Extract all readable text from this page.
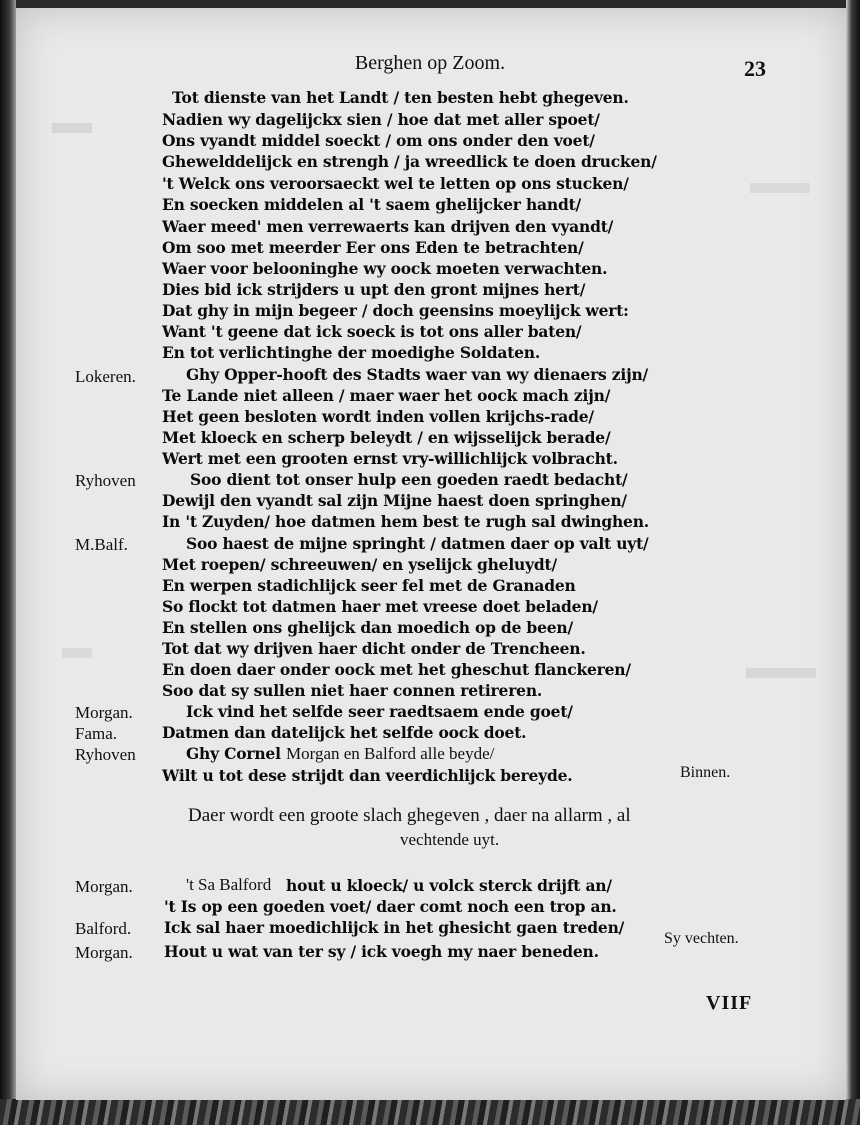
Berghen op Zoom.	23
Tot dienste van het Landt / ten besten hebt ghegeven.
Nadien wy dagelijckx sien / hoe dat met aller spoet/
Ons vyandt middel soeckt / om ons onder den voet/
Ghewelddelijck en strengh / ja wreedlick te doen drucken/
't Welck ons veroorsaeckt wel te letten op ons stucken/
En soecken middelen al 't saem ghelijcker handt/
Waer meed' men verrewaerts kan drijven den vyandt/
Om soo met meerder Eer ons Eden te betrachten/
Waer voor belooninghe wy oock moeten verwachten.
Dies bid ick strijders u upt den gront mijnes hert/
Dat ghy in mijn begeer / doch geensins moeylijck wert:
Want 't geene dat ick soeck is tot ons aller baten/
En tot verlichtinghe der moedighe Soldaten.
Lokeren.	Ghy Opper-hooft des Stadts waer van wy dienaers zijn/
Te Lande niet alleen / maer waer het oock mach zijn/
Het geen besloten wordt inden vollen krijchs-rade/
Met kloeck en scherp beleydt / en wijsselijck berade/
Wert met een grooten ernst vry-willichlijck volbracht.
Ryhoven	Soo dient tot onser hulp een goeden raedt bedacht/
Dewijl den vyandt sal zijn Mijne haest doen springhen/
In 't Zuyden/ hoe datmen hem best te rugh sal dwinghen.
M.Balf.	Soo haest de mijne springht / datmen daer op valt uyt/
Met roepen/ schreeuwen/ en yselijck gheluydt/
En werpen stadichlijck seer fel met de Granaden
So flockt tot datmen haer met vreese doet beladen/
En stellen ons ghelijck dan moedich op de been/
Tot dat wy drijven haer dicht onder de Trencheen.
En doen daer onder oock met het gheschut flanckeren/
Soo dat sy sullen niet haer connen retireren.
Morgan.	Ick vind het selfde seer raedtsaem ende goet/
Fama.	Datmen dan datelijck het selfde oock doet.
Ryhoven	Ghy Cornel Morgan en Balford alle beyde/
Wilt u tot dese strijdt dan veerdichlijck bereyde.	Binnen.
Daer wordt een groote slach ghegeven , daer na allarm , al
vechtende uyt.
Morgan.	't Sa Balford hout u kloeck/ u volck sterck drijft an/
't Is op een goeden voet/ daer comt noch een trop an.
Balford. Ick sal haer moedichlijck in het ghesicht gaen treden/
Morgan. Hout u wat van ter sy / ick voegh my naer beneden.
Sy vechten.
VIIF
